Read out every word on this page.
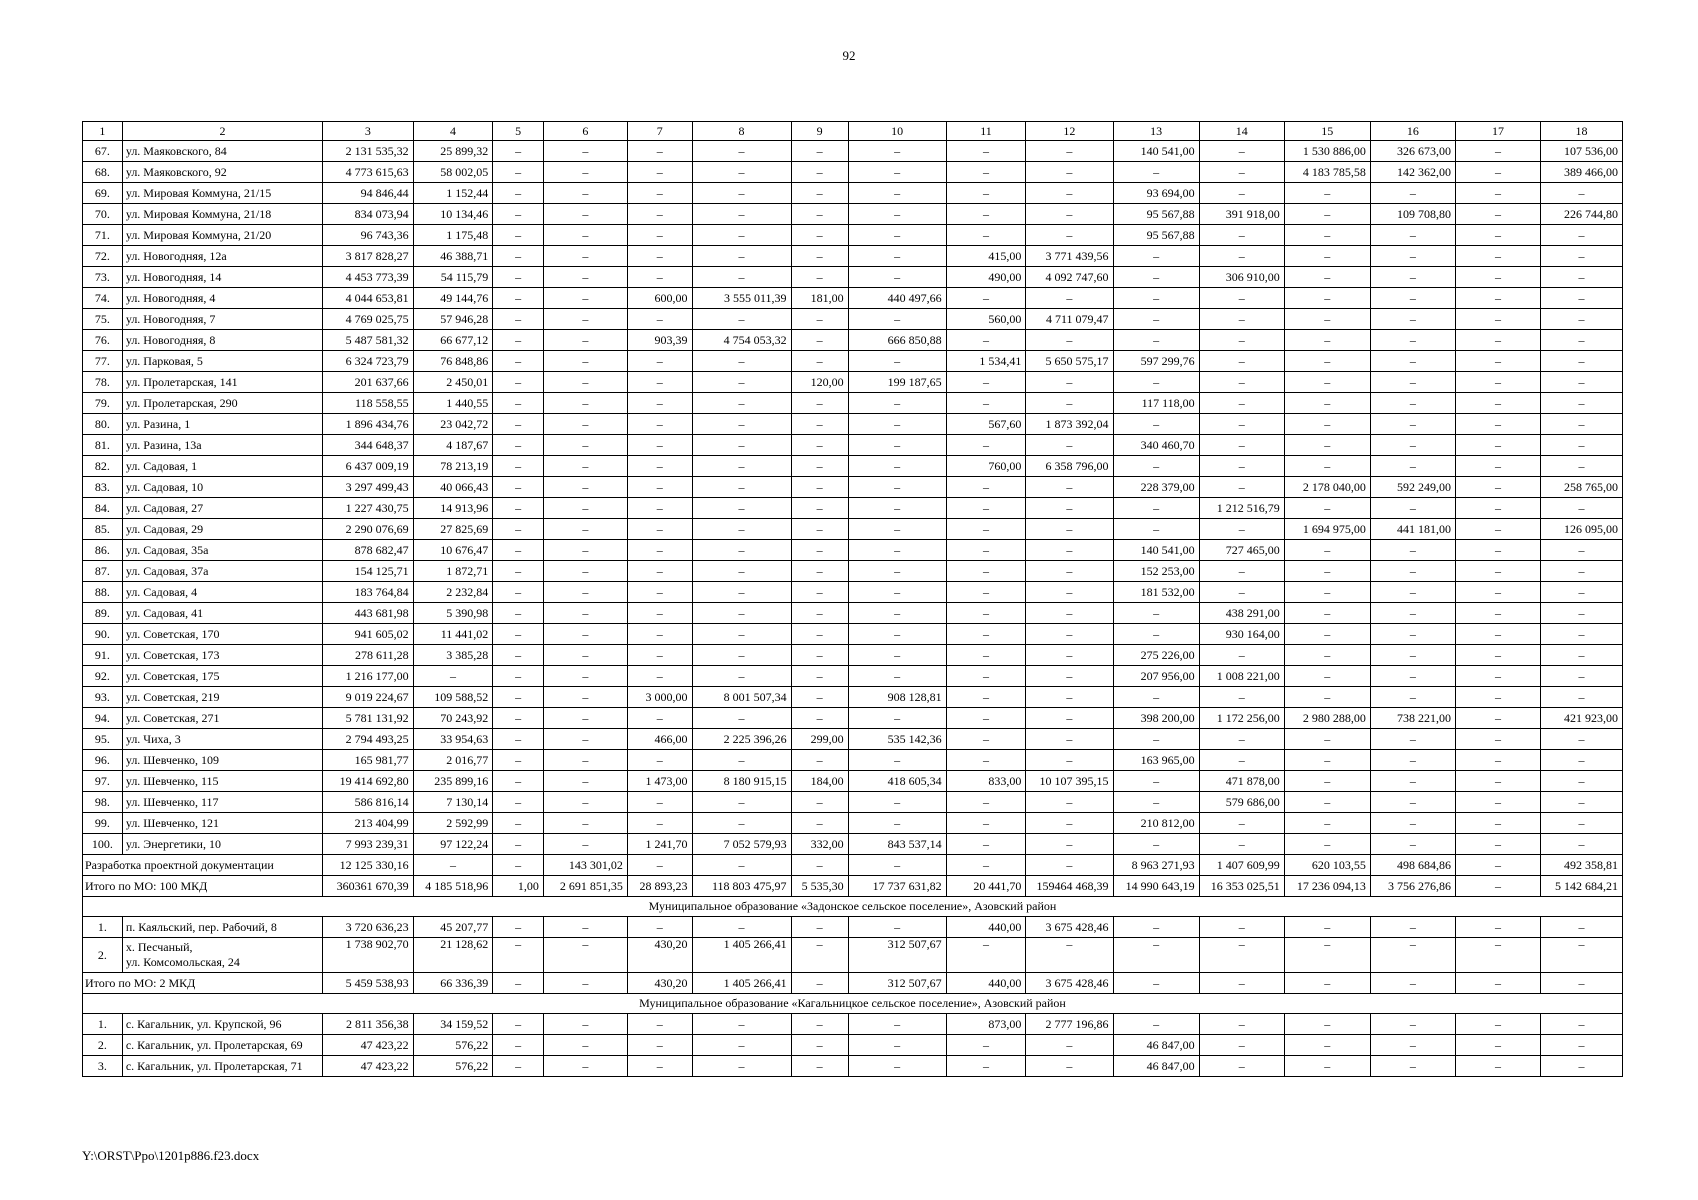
92
1	2	3	4	5	6	7	8	9	10	11	12	13	14	15	16	17	18
67.	ул. Маяковского, 84	2 131 535,32	25 899,32	–	–	–	–	–	–	–	–	140 541,00	–	1 530 886,00	326 673,00	–	107 536,00
68.	ул. Маяковского, 92	4 773 615,63	58 002,05	–	–	–	–	–	–	–	–	–	–	4 183 785,58	142 362,00	–	389 466,00
69.	ул. Мировая Коммуна, 21/15	94 846,44	1 152,44	–	–	–	–	–	–	–	–	93 694,00	–	–	–	–	–
70.	ул. Мировая Коммуна, 21/18	834 073,94	10 134,46	–	–	–	–	–	–	–	–	95 567,88	391 918,00	–	109 708,80	–	226 744,80
71.	ул. Мировая Коммуна, 21/20	96 743,36	1 175,48	–	–	–	–	–	–	–	–	95 567,88	–	–	–	–	–
72.	ул. Новогодняя, 12а	3 817 828,27	46 388,71	–	–	–	–	–	–	415,00	3 771 439,56	–	–	–	–	–	–
73.	ул. Новогодняя, 14	4 453 773,39	54 115,79	–	–	–	–	–	–	490,00	4 092 747,60	–	306 910,00	–	–	–	–
74.	ул. Новогодняя, 4	4 044 653,81	49 144,76	–	–	600,00	3 555 011,39	181,00	440 497,66	–	–	–	–	–	–	–	–
75.	ул. Новогодняя, 7	4 769 025,75	57 946,28	–	–	–	–	–	–	560,00	4 711 079,47	–	–	–	–	–	–
76.	ул. Новогодняя, 8	5 487 581,32	66 677,12	–	–	903,39	4 754 053,32	–	666 850,88	–	–	–	–	–	–	–	–
77.	ул. Парковая, 5	6 324 723,79	76 848,86	–	–	–	–	–	–	1 534,41	5 650 575,17	597 299,76	–	–	–	–	–
78.	ул. Пролетарская, 141	201 637,66	2 450,01	–	–	–	–	120,00	199 187,65	–	–	–	–	–	–	–	–
79.	ул. Пролетарская, 290	118 558,55	1 440,55	–	–	–	–	–	–	–	–	117 118,00	–	–	–	–	–
80.	ул. Разина, 1	1 896 434,76	23 042,72	–	–	–	–	–	–	567,60	1 873 392,04	–	–	–	–	–	–
81.	ул. Разина, 13а	344 648,37	4 187,67	–	–	–	–	–	–	–	–	340 460,70	–	–	–	–	–
82.	ул. Садовая, 1	6 437 009,19	78 213,19	–	–	–	–	–	–	760,00	6 358 796,00	–	–	–	–	–	–
83.	ул. Садовая, 10	3 297 499,43	40 066,43	–	–	–	–	–	–	–	–	228 379,00	–	2 178 040,00	592 249,00	–	258 765,00
84.	ул. Садовая, 27	1 227 430,75	14 913,96	–	–	–	–	–	–	–	–	–	1 212 516,79	–	–	–	–
85.	ул. Садовая, 29	2 290 076,69	27 825,69	–	–	–	–	–	–	–	–	–	–	1 694 975,00	441 181,00	–	126 095,00
86.	ул. Садовая, 35а	878 682,47	10 676,47	–	–	–	–	–	–	–	–	140 541,00	727 465,00	–	–	–	–
87.	ул. Садовая, 37а	154 125,71	1 872,71	–	–	–	–	–	–	–	–	152 253,00	–	–	–	–	–
88.	ул. Садовая, 4	183 764,84	2 232,84	–	–	–	–	–	–	–	–	181 532,00	–	–	–	–	–
89.	ул. Садовая, 41	443 681,98	5 390,98	–	–	–	–	–	–	–	–	–	438 291,00	–	–	–	–
90.	ул. Советская, 170	941 605,02	11 441,02	–	–	–	–	–	–	–	–	–	930 164,00	–	–	–	–
91.	ул. Советская, 173	278 611,28	3 385,28	–	–	–	–	–	–	–	–	275 226,00	–	–	–	–	–
92.	ул. Советская, 175	1 216 177,00	–	–	–	–	–	–	–	–	–	207 956,00	1 008 221,00	–	–	–	–
93.	ул. Советская, 219	9 019 224,67	109 588,52	–	–	3 000,00	8 001 507,34	–	908 128,81	–	–	–	–	–	–	–	–
94.	ул. Советская, 271	5 781 131,92	70 243,92	–	–	–	–	–	–	–	–	398 200,00	1 172 256,00	2 980 288,00	738 221,00	–	421 923,00
95.	ул. Чиха, 3	2 794 493,25	33 954,63	–	–	466,00	2 225 396,26	299,00	535 142,36	–	–	–	–	–	–	–	–
96.	ул. Шевченко, 109	165 981,77	2 016,77	–	–	–	–	–	–	–	–	163 965,00	–	–	–	–	–
97.	ул. Шевченко, 115	19 414 692,80	235 899,16	–	–	1 473,00	8 180 915,15	184,00	418 605,34	833,00	10 107 395,15	–	471 878,00	–	–	–	–
98.	ул. Шевченко, 117	586 816,14	7 130,14	–	–	–	–	–	–	–	–	–	579 686,00	–	–	–	–
99.	ул. Шевченко, 121	213 404,99	2 592,99	–	–	–	–	–	–	–	–	210 812,00	–	–	–	–	–
100.	ул. Энергетики, 10	7 993 239,31	97 122,24	–	–	1 241,70	7 052 579,93	332,00	843 537,14	–	–	–	–	–	–	–	–
Разработка проектной документации		12 125 330,16	–	–	143 301,02	–	–	–	–	–	–	8 963 271,93	1 407 609,99	620 103,55	498 684,86	–	492 358,81
Итого по МО: 100 МКД		360361 670,39	4 185 518,96	1,00	2 691 851,35	28 893,23	118 803 475,97	5 535,30	17 737 631,82	20 441,70	159464 468,39	14 990 643,19	16 353 025,51	17 236 094,13	3 756 276,86	–	5 142 684,21
Муниципальное образование «Задонское сельское поселение», Азовский район																	
1.	п. Каяльский, пер. Рабочий, 8	3 720 636,23	45 207,77	–	–	–	–	–	–	440,00	3 675 428,46	–	–	–	–	–	–
2.	х. Песчаный,
ул. Комсомольская, 24	1 738 902,70	21 128,62	–	–	430,20	1 405 266,41	–	312 507,67	–	–	–	–	–	–	–	–
Итого по МО: 2 МКД		5 459 538,93	66 336,39	–	–	430,20	1 405 266,41	–	312 507,67	440,00	3 675 428,46	–	–	–	–	–	–
Муниципальное образование «Кагальницкое сельское поселение», Азовский район																	
1.	с. Кагальник, ул. Крупской, 96	2 811 356,38	34 159,52	–	–	–	–	–	–	873,00	2 777 196,86	–	–	–	–	–	–
2.	с. Кагальник, ул. Пролетарская, 69	47 423,22	576,22	–	–	–	–	–	–	–	–	46 847,00	–	–	–	–	–
3.	с. Кагальник, ул. Пролетарская, 71	47 423,22	576,22	–	–	–	–	–	–	–	–	46 847,00	–	–	–	–	–
Y:\ORST\Ppo\1201p886.f23.docx
